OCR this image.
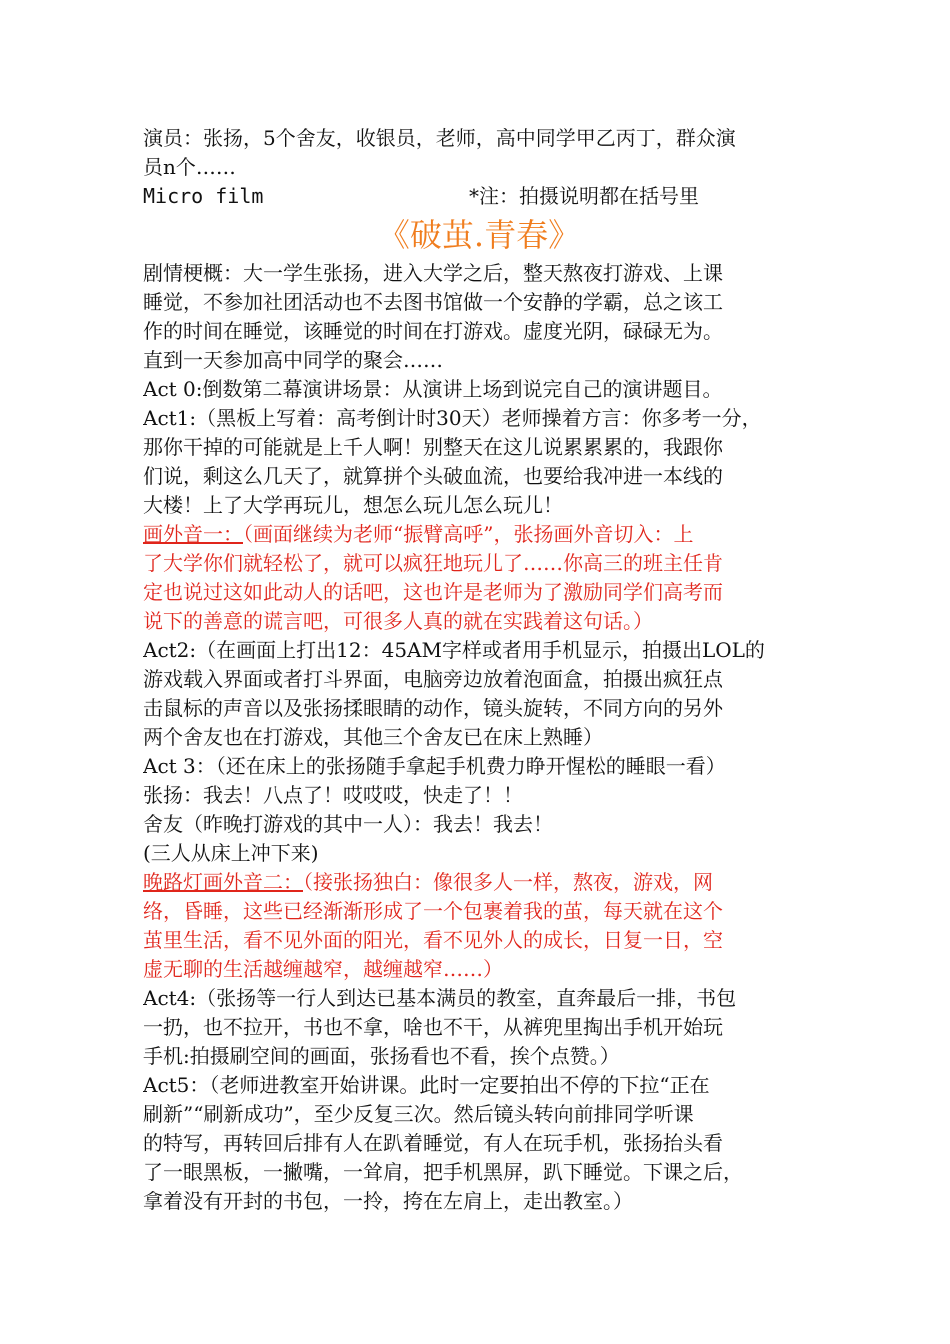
演员：张扬，5个舍友，收银员，老师，高中同学甲乙丙丁，群众演
员n个……
Micro film	*注：拍摄说明都在括号里
《破茧.青春》
剧情梗概：大一学生张扬，进入大学之后，整天熬夜打游戏、上课
睡觉，不参加社团活动也不去图书馆做一个安静的学霸，总之该工
作的时间在睡觉，该睡觉的时间在打游戏。虚度光阴，碌碌无为。
直到一天参加高中同学的聚会……
Act 0:倒数第二幕演讲场景：从演讲上场到说完自己的演讲题目。
Act1:（黑板上写着：高考倒计时30天）老师操着方言：你多考一分，
那你干掉的可能就是上千人啊！别整天在这儿说累累累的，我跟你
们说，剩这么几天了，就算拼个头破血流，也要给我冲进一本线的
大楼！上了大学再玩儿，想怎么玩儿怎么玩儿！
画外音一：（画面继续为老师“振臂高呼”，张扬画外音切入：上
了大学你们就轻松了，就可以疯狂地玩儿了……你高三的班主任肯
定也说过这如此动人的话吧，这也许是老师为了激励同学们高考而
说下的善意的谎言吧，可很多人真的就在实践着这句话。）
Act2:（在画面上打出12：45AM字样或者用手机显示，拍摄出LOL的
游戏载入界面或者打斗界面，电脑旁边放着泡面盒，拍摄出疯狂点
击鼠标的声音以及张扬揉眼睛的动作，镜头旋转，不同方向的另外
两个舍友也在打游戏，其他三个舍友已在床上熟睡）
Act 3：（还在床上的张扬随手拿起手机费力睁开惺松的睡眼一看）
张扬：我去！八点了！哎哎哎，快走了！！
舍友（昨晚打游戏的其中一人）：我去！我去！
(三人从床上冲下来)
晚路灯画外音二：（接张扬独白：像很多人一样，熬夜，游戏，网
络，昏睡，这些已经渐渐形成了一个包裹着我的茧，每天就在这个
茧里生活，看不见外面的阳光，看不见外人的成长，日复一日，空
虚无聊的生活越缠越窄，越缠越窄……）
Act4:（张扬等一行人到达已基本满员的教室，直奔最后一排，书包
一扔，也不拉开，书也不拿，啥也不干，从裤兜里掏出手机开始玩
手机:拍摄刷空间的画面，张扬看也不看，挨个点赞。）
Act5：（老师进教室开始讲课。此时一定要拍出不停的下拉“正在
刷新”“刷新成功”，至少反复三次。然后镜头转向前排同学听课
的特写，再转回后排有人在趴着睡觉，有人在玩手机，张扬抬头看
了一眼黑板，一撇嘴，一耸肩，把手机黑屏，趴下睡觉。下课之后，
拿着没有开封的书包，一拎，挎在左肩上，走出教室。）
